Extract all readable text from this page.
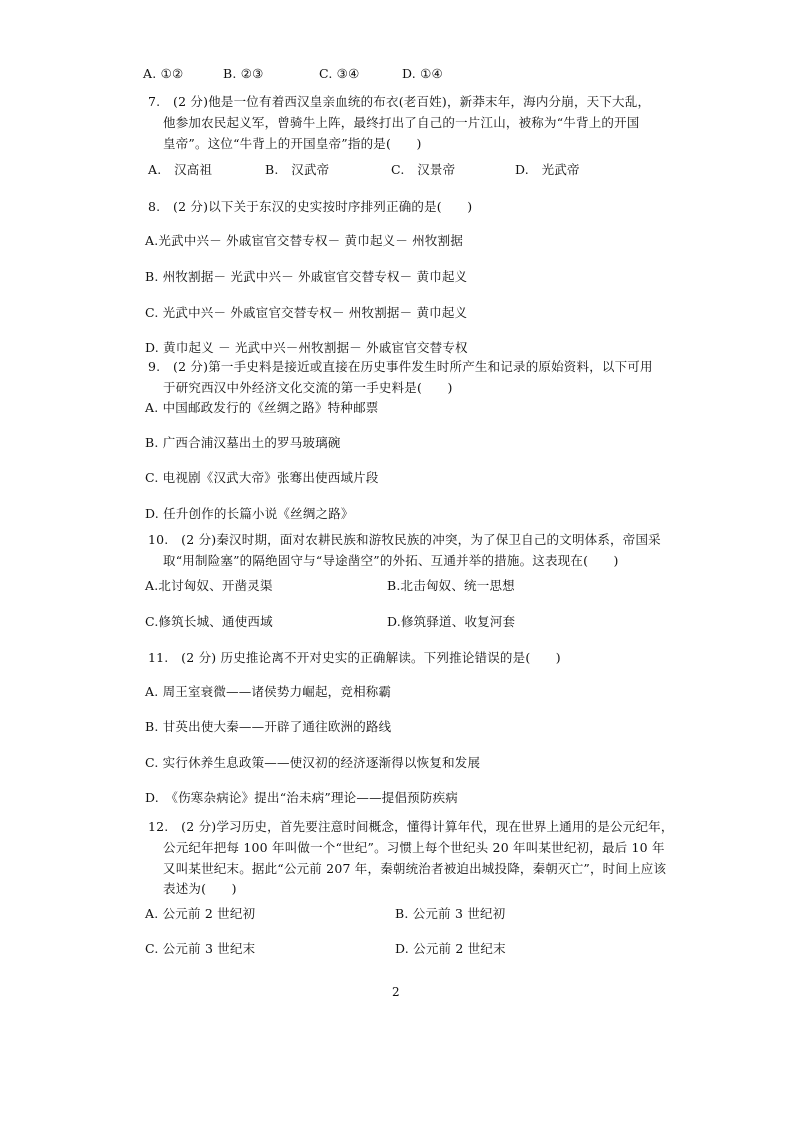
A. ①②	B. ②③	C. ③④	D. ①④
7.　(2 分)他是一位有着西汉皇亲血统的布衣(老百姓)，新莽末年，海内分崩，天下大乱，
他参加农民起义军，曾骑牛上阵，最终打出了自己的一片江山，被称为“牛背上的开国
皇帝”。这位“牛背上的开国皇帝”指的是(　　)
A.　汉高祖	B.　汉武帝	C.　汉景帝	D.　光武帝
8.　(2 分)以下关于东汉的史实按时序排列正确的是(　　)
A.光武中兴－ 外戚宦官交替专权－ 黄巾起义－ 州牧割据
B. 州牧割据－ 光武中兴－ 外戚宦官交替专权－ 黄巾起义
C. 光武中兴－ 外戚宦官交替专权－ 州牧割据－ 黄巾起义
D. 黄巾起义 － 光武中兴－州牧割据－ 外戚宦官交替专权
9.　(2 分)第一手史料是接近或直接在历史事件发生时所产生和记录的原始资料，以下可用
于研究西汉中外经济文化交流的第一手史料是(　　)
A. 中国邮政发行的《丝绸之路》特种邮票
B. 广西合浦汉墓出土的罗马玻璃碗
C. 电视剧《汉武大帝》张骞出使西域片段
D. 任升创作的长篇小说《丝绸之路》
10.　(2 分)秦汉时期，面对农耕民族和游牧民族的冲突，为了保卫自己的文明体系，帝国采
取“用制险塞”的隔绝固守与“导途凿空”的外拓、互通并举的措施。这表现在(　　)
A.北讨匈奴、开凿灵渠	B.北击匈奴、统一思想
C.修筑长城、通使西域	D.修筑驿道、收复河套
11.　(2 分) 历史推论离不开对史实的正确解读。下列推论错误的是(　　)
A. 周王室衰微——诸侯势力崛起，竞相称霸
B. 甘英出使大秦——开辟了通往欧洲的路线
C. 实行休养生息政策——使汉初的经济逐渐得以恢复和发展
D.　《伤寒杂病论》提出“治未病”理论——提倡预防疾病
12.　(2 分)学习历史，首先要注意时间概念，懂得计算年代，现在世界上通用的是公元纪年，
公元纪年把每 100 年叫做一个“世纪”。习惯上每个世纪头 20 年叫某世纪初，最后 10 年
又叫某世纪末。据此“公元前 207 年，秦朝统治者被迫出城投降，秦朝灭亡”，时间上应该
表述为(　　)
A. 公元前 2 世纪初	B. 公元前 3 世纪初
C. 公元前 3 世纪末	D. 公元前 2 世纪末
2
